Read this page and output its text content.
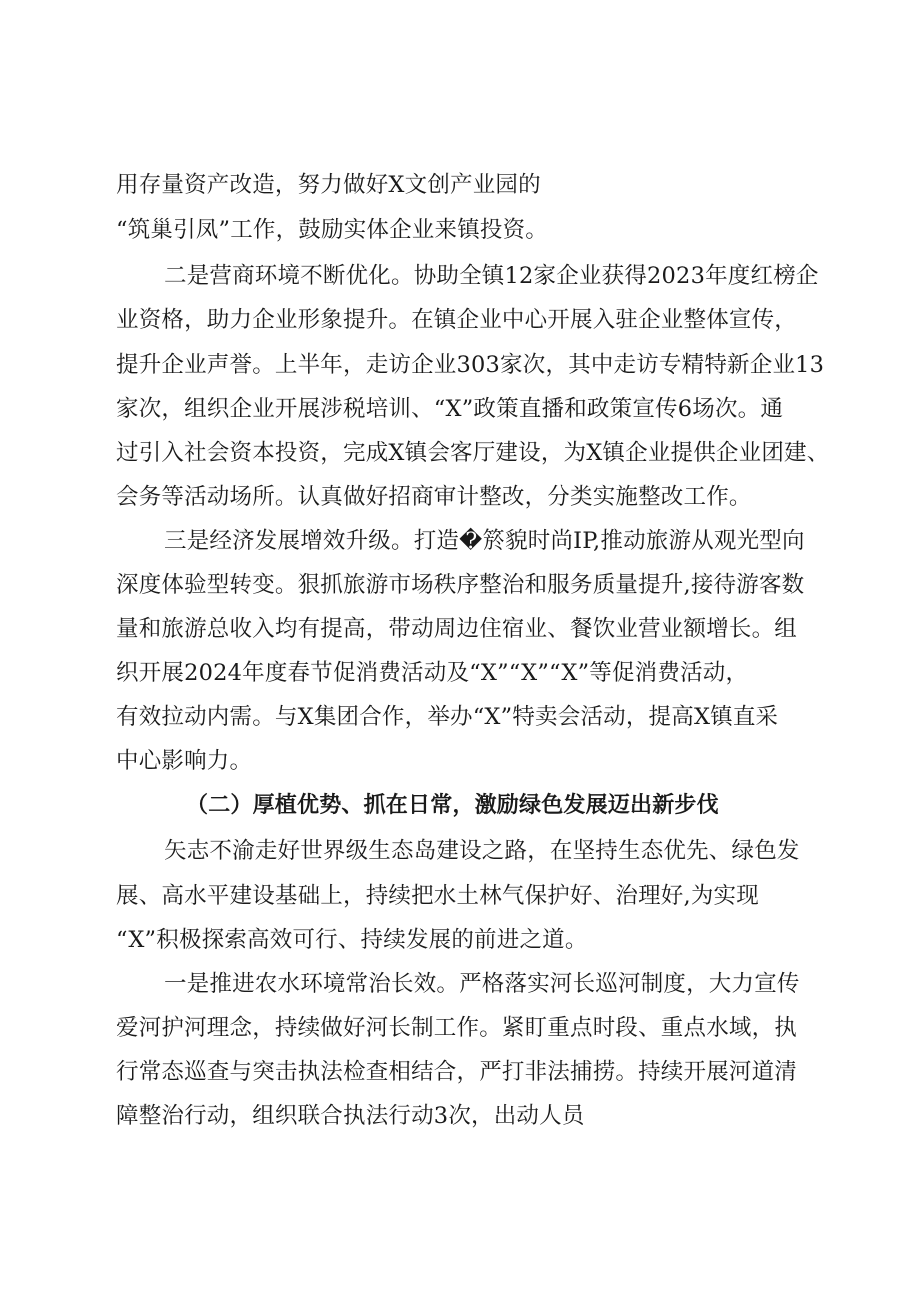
用存量资产改造，努力做好X文创产业园的
“筑巢引凤”工作，鼓励实体企业来镇投资。
二是营商环境不断优化。协助全镇12家企业获得2023年度红榜企
业资格，助力企业形象提升。在镇企业中心开展入驻企业整体宣传，
提升企业声誉。上半年，走访企业303家次，其中走访专精特新企业13
家次，组织企业开展涉税培训、“X”政策直播和政策宣传6场次。通
过引入社会资本投资，完成X镇会客厅建设，为X镇企业提供企业团建、
会务等活动场所。认真做好招商审计整改，分类实施整改工作。
三是经济发展增效升级。打造�箊貌时尚IP,推动旅游从观光型向
深度体验型转变。狠抓旅游市场秩序整治和服务质量提升,接待游客数
量和旅游总收入均有提高，带动周边住宿业、餐饮业营业额增长。组
织开展2024年度春节促消费活动及“X”“X”“X”等促消费活动，
有效拉动内需。与X集团合作，举办“X”特卖会活动，提高X镇直采
中心影响力。
（二）厚植优势、抓在日常，激励绿色发展迈出新步伐
矢志不渝走好世界级生态岛建设之路，在坚持生态优先、绿色发
展、高水平建设基础上，持续把水土林气保护好、治理好,为实现
“X”积极探索高效可行、持续发展的前进之道。
一是推进农水环境常治长效。严格落实河长巡河制度，大力宣传
爱河护河理念，持续做好河长制工作。紧盯重点时段、重点水域，执
行常态巡查与突击执法检查相结合，严打非法捕捞。持续开展河道清
障整治行动，组织联合执法行动3次，出动人员
